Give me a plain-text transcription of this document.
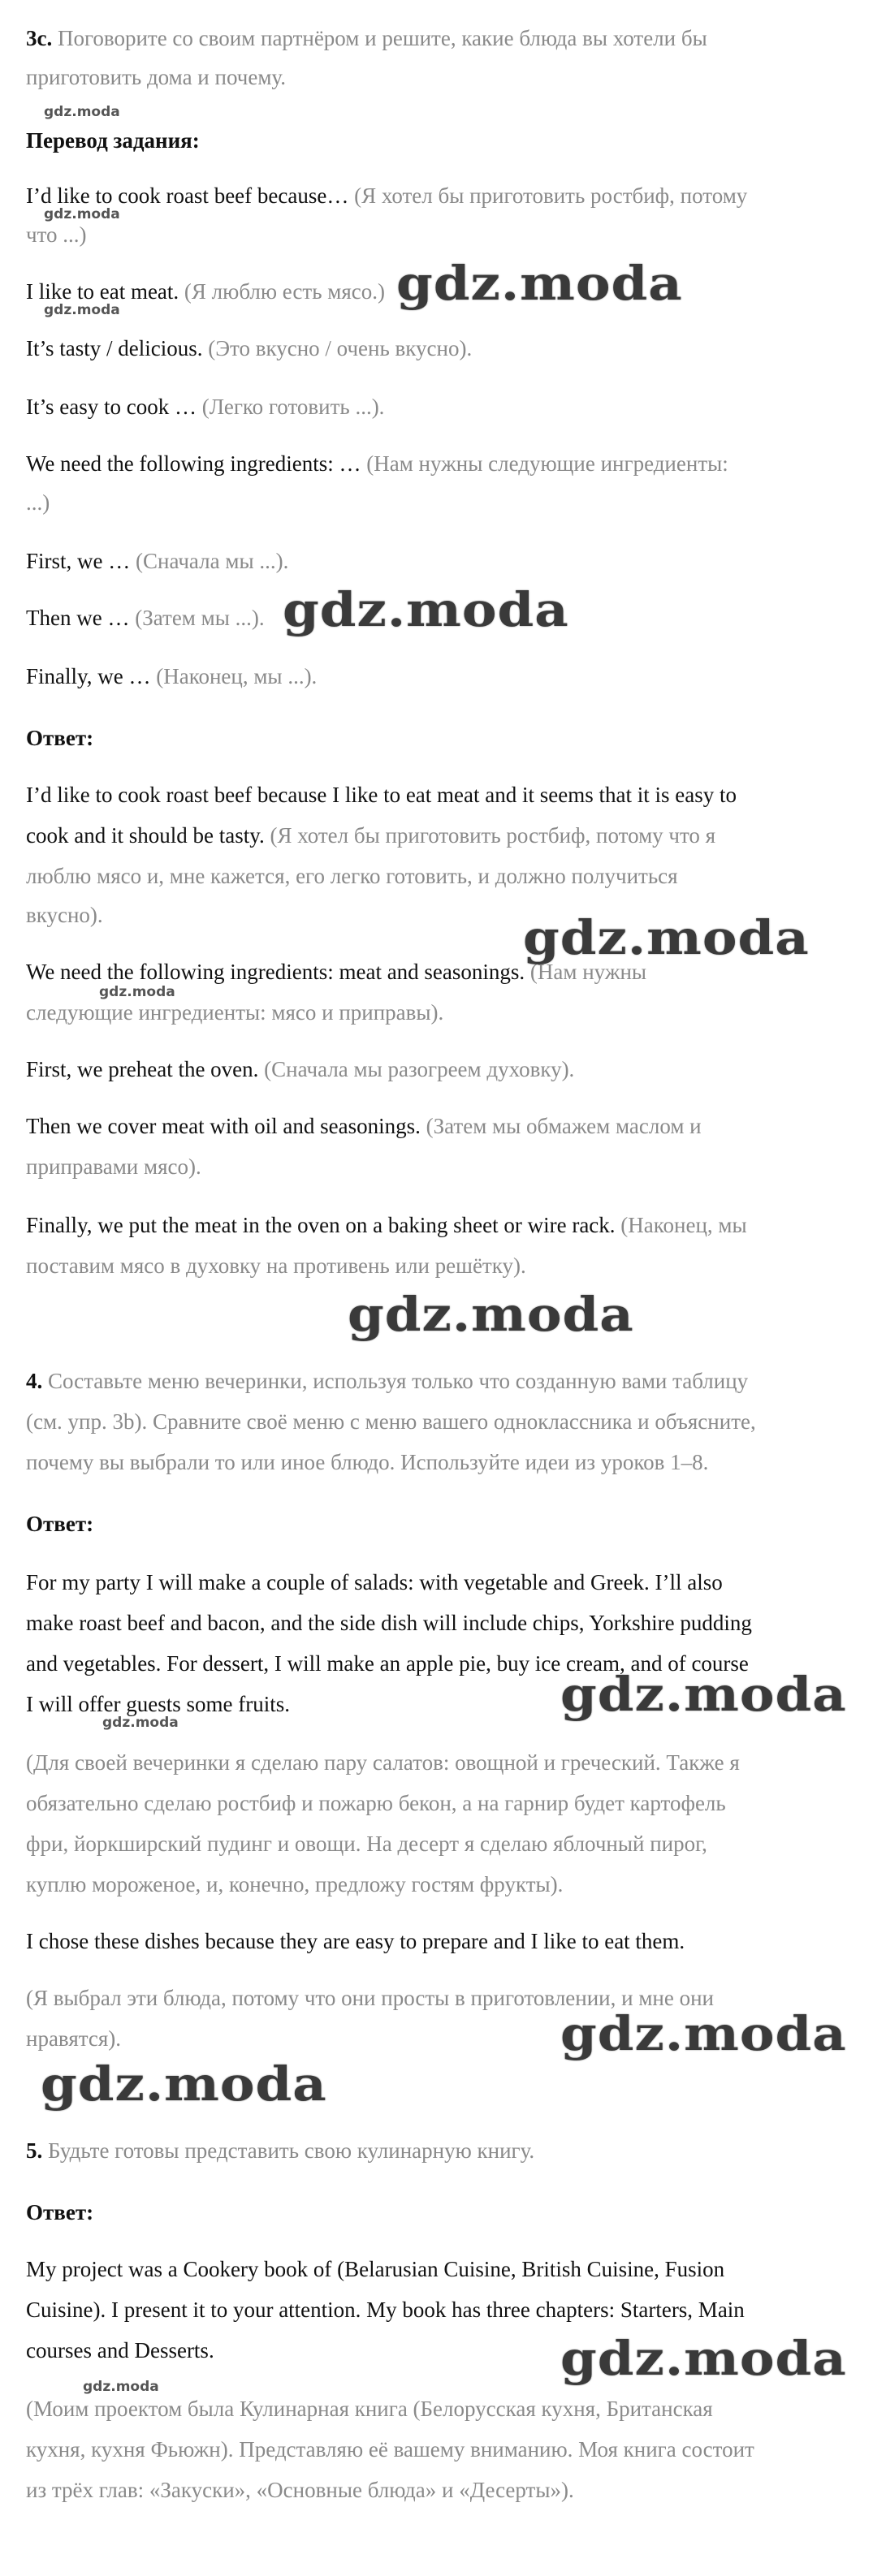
3c. Поговорите со своим партнёром и решите, какие блюда вы хотели бы
приготовить дома и почему.
Перевод задания:
I’d like to cook roast beef because… (Я хотел бы приготовить ростбиф, потому
что ...)
I like to eat meat. (Я люблю есть мясо.)
It’s tasty / delicious. (Это вкусно / очень вкусно).
It’s easy to cook … (Легко готовить ...).
We need the following ingredients: … (Нам нужны следующие ингредиенты:
...)
First, we … (Сначала мы ...).
Then we … (Затем мы ...).
Finally, we … (Наконец, мы ...).
Ответ:
I’d like to cook roast beef because I like to eat meat and it seems that it is easy to
cook and it should be tasty. (Я хотел бы приготовить ростбиф, потому что я
люблю мясо и, мне кажется, его легко готовить, и должно получиться
вкусно).
We need the following ingredients: meat and seasonings. (Нам нужны
следующие ингредиенты: мясо и приправы).
First, we preheat the oven. (Сначала мы разогреем духовку).
Then we cover meat with oil and seasonings. (Затем мы обмажем маслом и
приправами мясо).
Finally, we put the meat in the oven on a baking sheet or wire rack. (Наконец, мы
поставим мясо в духовку на противень или решётку).
4. Составьте меню вечеринки, используя только что созданную вами таблицу
(см. упр. 3b). Сравните своё меню с меню вашего одноклассника и объясните,
почему вы выбрали то или иное блюдо. Используйте идеи из уроков 1–8.
Ответ:
For my party I will make a couple of salads: with vegetable and Greek. I’ll also
make roast beef and bacon, and the side dish will include chips, Yorkshire pudding
and vegetables. For dessert, I will make an apple pie, buy ice cream, and of course
I will offer guests some fruits.
(Для своей вечеринки я сделаю пару салатов: овощной и греческий. Также я
обязательно сделаю ростбиф и пожарю бекон, а на гарнир будет картофель
фри, йоркширский пудинг и овощи. На десерт я сделаю яблочный пирог,
куплю мороженое, и, конечно, предложу гостям фрукты).
I chose these dishes because they are easy to prepare and I like to eat them.
(Я выбрал эти блюда, потому что они просты в приготовлении, и мне они
нравятся).
5. Будьте готовы представить свою кулинарную книгу.
Ответ:
My project was a Cookery book of (Belarusian Cuisine, British Cuisine, Fusion
Cuisine). I present it to your attention. My book has three chapters: Starters, Main
courses and Desserts.
(Моим проектом была Кулинарная книга (Белорусская кухня, Британская
кухня, кухня Фьюжн). Представляю её вашему вниманию. Моя книга состоит
из трёх глав: «Закуски», «Основные блюда» и «Десерты»).
gdz.moda
gdz.moda
gdz.moda	gdz.moda
gdz.moda
gdz.moda
gdz.moda
gdz.moda
gdz.moda
gdz.moda
gdz.moda
gdz.moda
gdz.moda
gdz.moda
